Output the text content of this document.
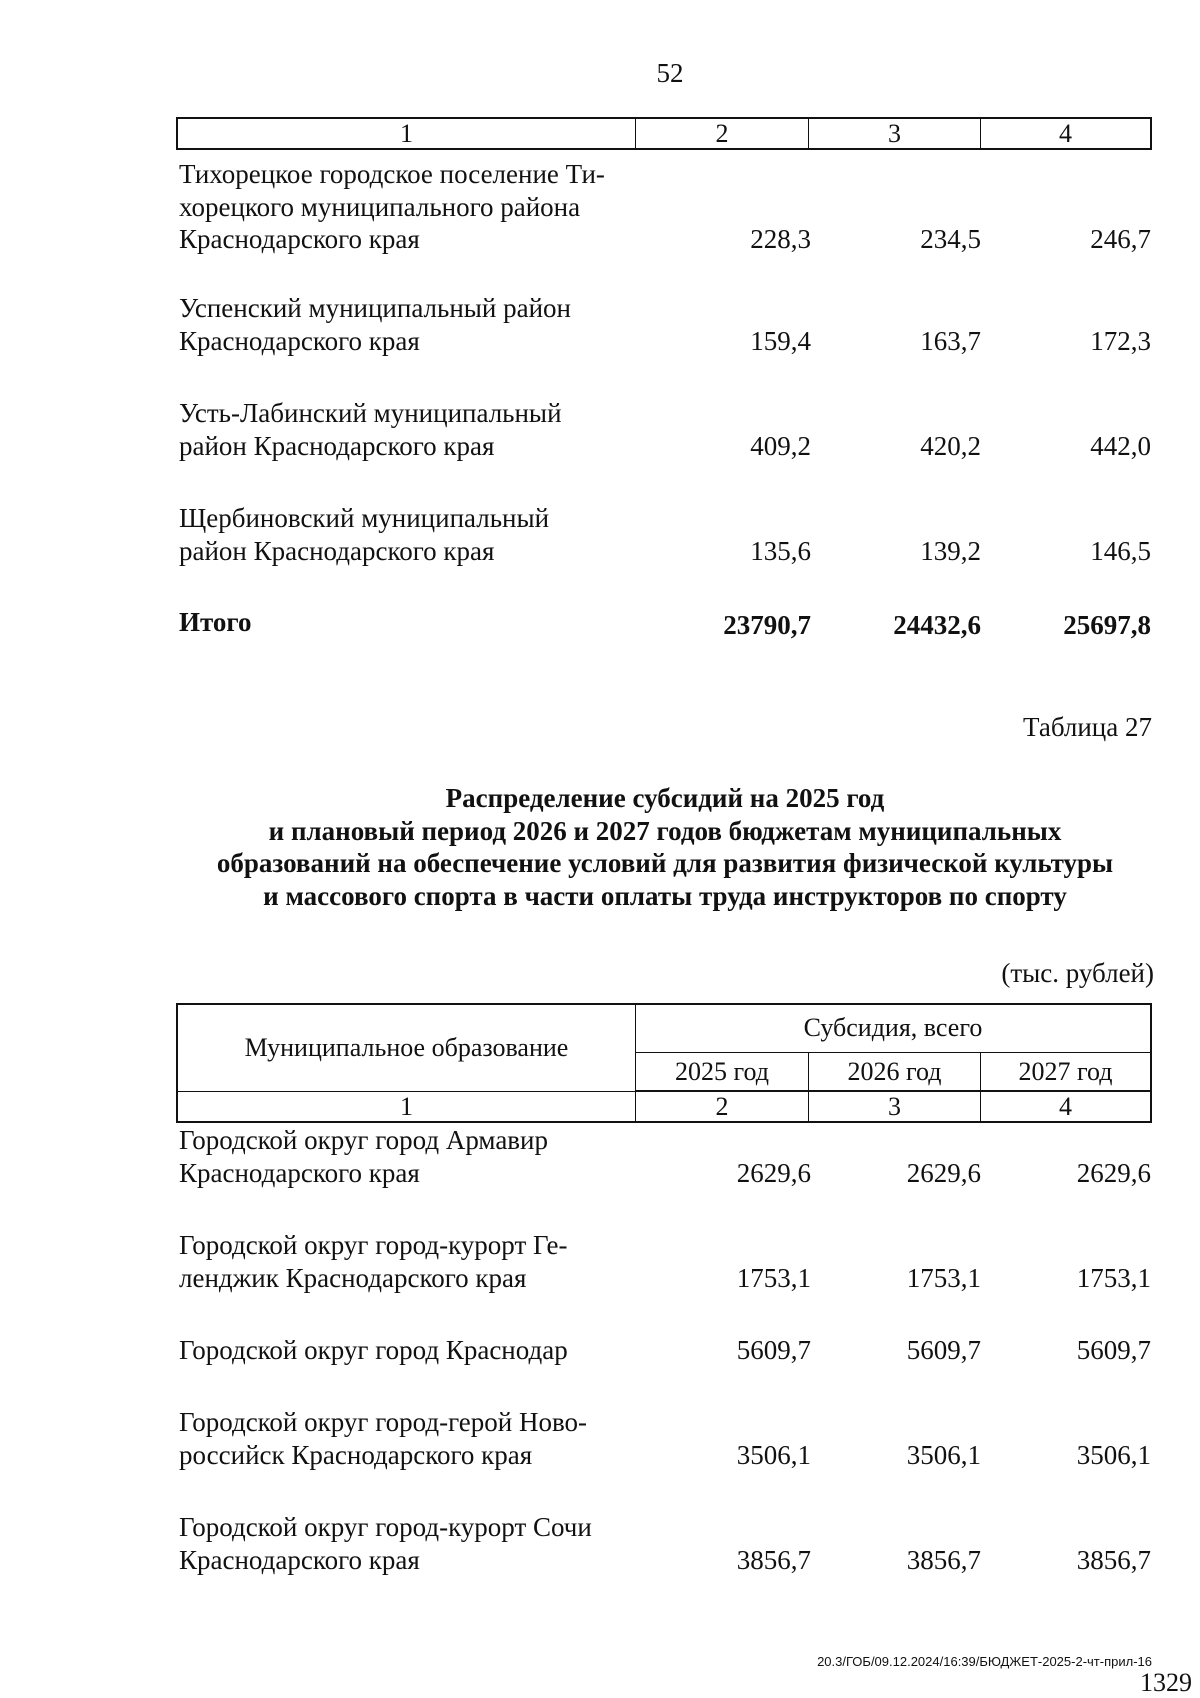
52
1	2	3	4
Тихорецкое городское поселение Ти-
хорецкого муниципального района
Краснодарского края	228,3	234,5	246,7
Успенский муниципальный район
Краснодарского края	159,4	163,7	172,3
Усть-Лабинский муниципальный
район Краснодарского края	409,2	420,2	442,0
Щербиновский муниципальный
район Краснодарского края	135,6	139,2	146,5
Итого	23790,7	24432,6	25697,8
Таблица 27
Распределение субсидий на 2025 год
и плановый период 2026 и 2027 годов бюджетам муниципальных
образований на обеспечение условий для развития физической культуры
и массового спорта в части оплаты труда инструкторов по спорту
(тыс. рублей)
Муниципальное образование
Субсидия, всего
2025 год	2026 год	2027 год
1	2	3	4
Городской округ город Армавир
Краснодарского края	2629,6	2629,6	2629,6
Городской округ город-курорт Ге-
ленджик Краснодарского края	1753,1	1753,1	1753,1
Городской округ город Краснодар	5609,7	5609,7	5609,7
Городской округ город-герой Ново-
российск Краснодарского края	3506,1	3506,1	3506,1
Городской округ город-курорт Сочи
Краснодарского края	3856,7	3856,7	3856,7
20.3/ГОБ/09.12.2024/16:39/БЮДЖЕТ-2025-2-чт-прил-16
1329
